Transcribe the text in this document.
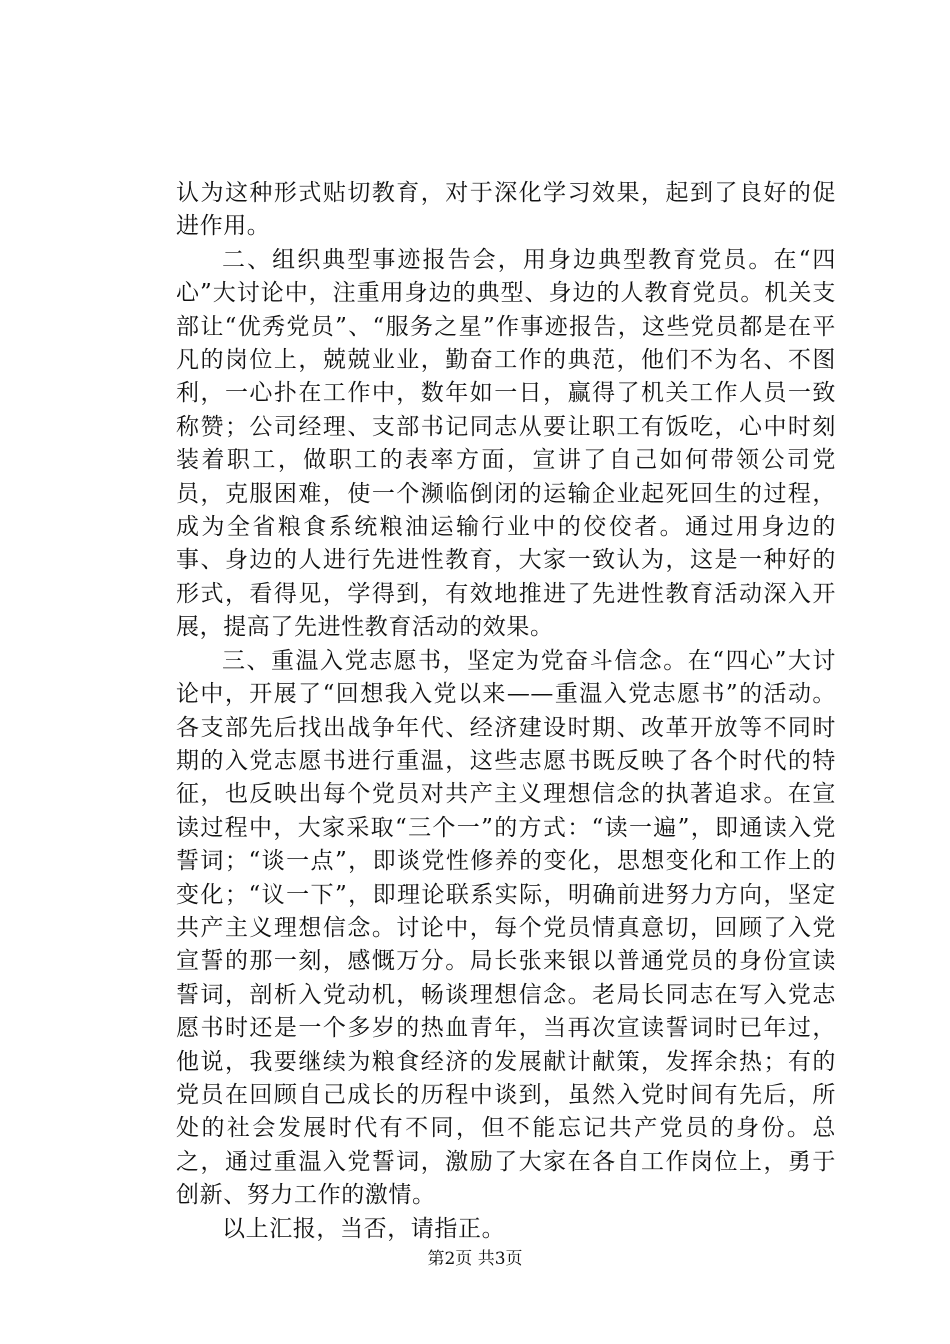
认为这种形式贴切教育，对于深化学习效果，起到了良好的促进作用。

二、组织典型事迹报告会，用身边典型教育党员。在“四心”大讨论中，注重用身边的典型、身边的人教育党员。机关支部让“优秀党员”、“服务之星”作事迹报告，这些党员都是在平凡的岗位上，兢兢业业，勤奋工作的典范，他们不为名、不图利，一心扑在工作中，数年如一日，赢得了机关工作人员一致称赞；公司经理、支部书记同志从要让职工有饭吃，心中时刻装着职工，做职工的表率方面，宣讲了自己如何带领公司党员，克服困难，使一个濒临倒闭的运输企业起死回生的过程，成为全省粮食系统粮油运输行业中的佼佼者。通过用身边的事、身边的人进行先进性教育，大家一致认为，这是一种好的形式，看得见，学得到，有效地推进了先进性教育活动深入开展，提高了先进性教育活动的效果。

三、重温入党志愿书，坚定为党奋斗信念。在“四心”大讨论中，开展了“回想我入党以来——重温入党志愿书”的活动。各支部先后找出战争年代、经济建设时期、改革开放等不同时期的入党志愿书进行重温，这些志愿书既反映了各个时代的特征，也反映出每个党员对共产主义理想信念的执著追求。在宣读过程中，大家采取“三个一”的方式：“读一遍”，即通读入党誓词；“谈一点”，即谈党性修养的变化，思想变化和工作上的变化；“议一下”，即理论联系实际，明确前进努力方向，坚定共产主义理想信念。讨论中，每个党员情真意切，回顾了入党宣誓的那一刻，感慨万分。局长张来银以普通党员的身份宣读誓词，剖析入党动机，畅谈理想信念。老局长同志在写入党志愿书时还是一个多岁的热血青年，当再次宣读誓词时已年过，他说，我要继续为粮食经济的发展献计献策，发挥余热；有的党员在回顾自己成长的历程中谈到，虽然入党时间有先后，所处的社会发展时代有不同，但不能忘记共产党员的身份。总之，通过重温入党誓词，激励了大家在各自工作岗位上，勇于创新、努力工作的激情。

以上汇报，当否，请指正。

第2页 共3页
